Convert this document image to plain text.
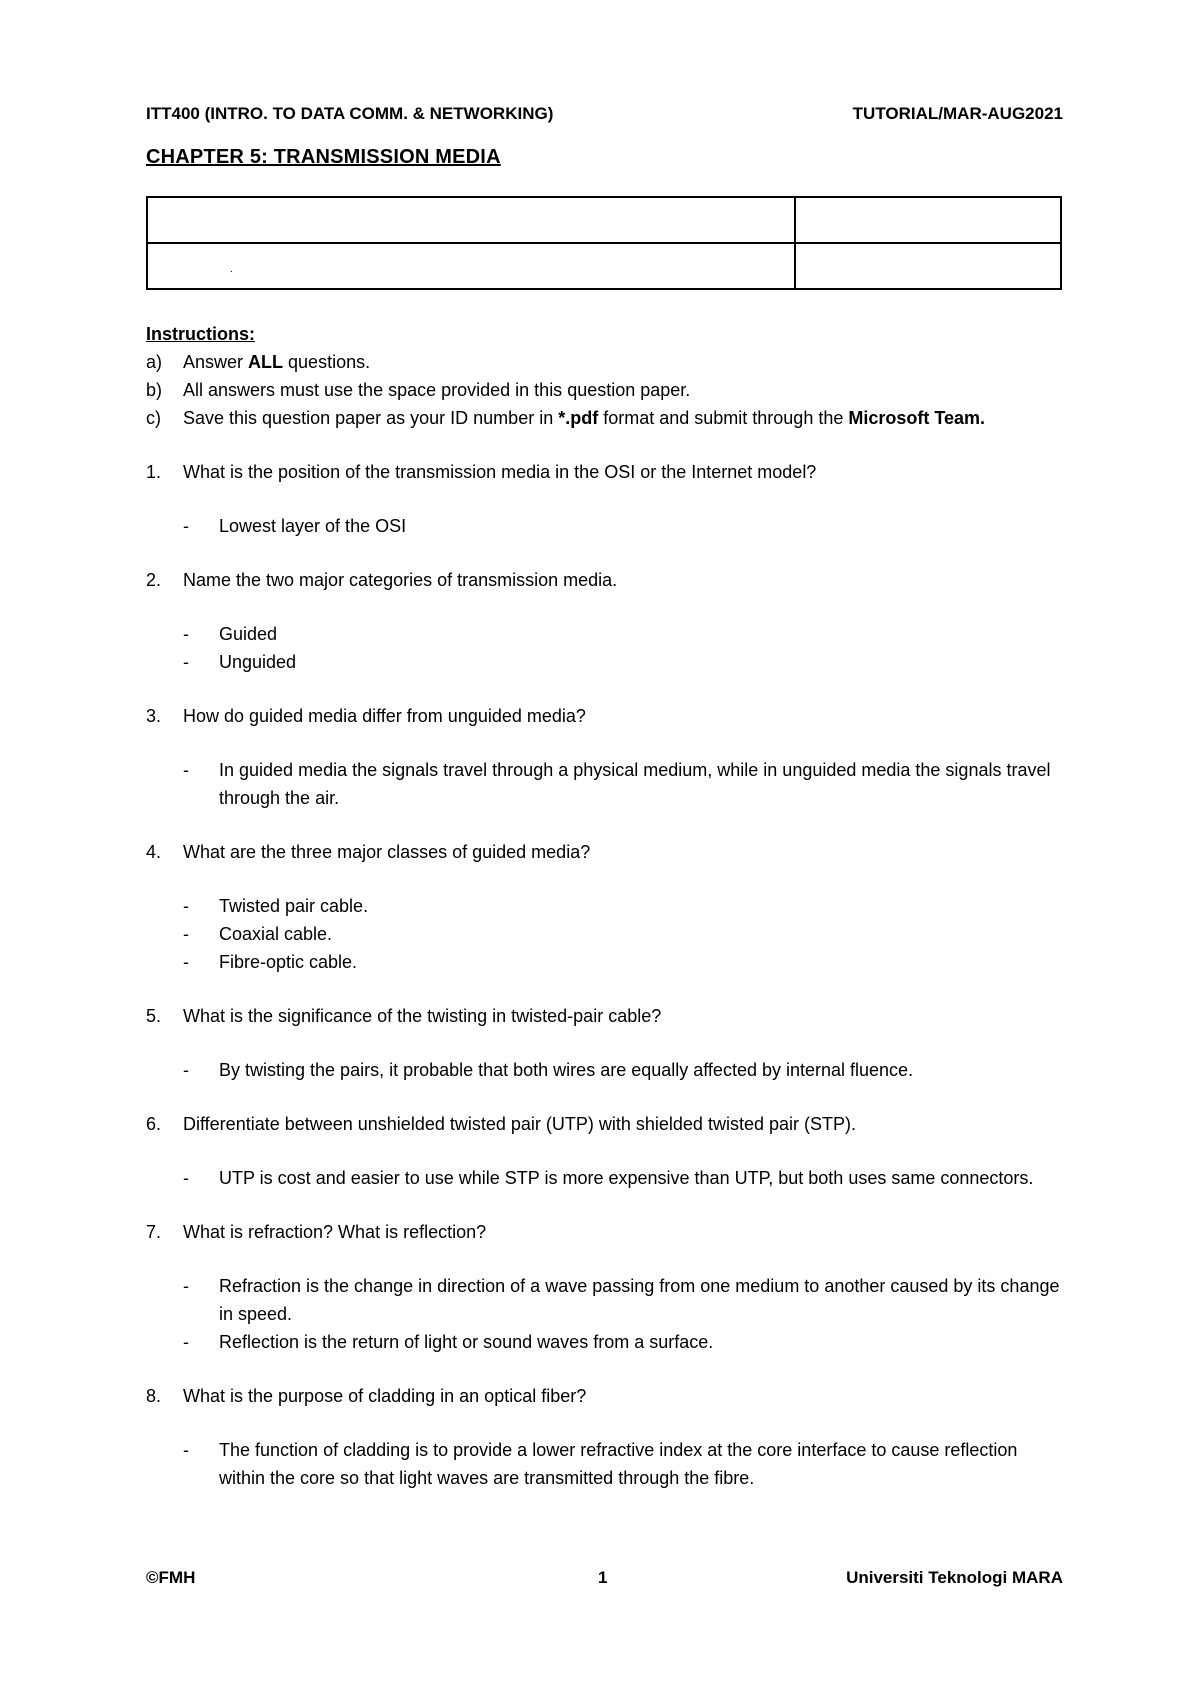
ITT400 (INTRO. TO DATA COMM. & NETWORKING)	TUTORIAL/MAR-AUG2021
CHAPTER 5: TRANSMISSION MEDIA

.	
Instructions:
a) Answer ALL questions.
b) All answers must use the space provided in this question paper.
c) Save this question paper as your ID number in *.pdf format and submit through the Microsoft Team.
1. What is the position of the transmission media in the OSI or the Internet model?
- Lowest layer of the OSI
2. Name the two major categories of transmission media.
- Guided
- Unguided
3. How do guided media differ from unguided media?
- In guided media the signals travel through a physical medium, while in unguided media the signals travel through the air.
4. What are the three major classes of guided media?
- Twisted pair cable.
- Coaxial cable.
- Fibre-optic cable.
5. What is the significance of the twisting in twisted-pair cable?
- By twisting the pairs, it probable that both wires are equally affected by internal fluence.
6. Differentiate between unshielded twisted pair (UTP) with shielded twisted pair (STP).
- UTP is cost and easier to use while STP is more expensive than UTP, but both uses same connectors.
7. What is refraction? What is reflection?
- Refraction is the change in direction of a wave passing from one medium to another caused by its change in speed.
- Reflection is the return of light or sound waves from a surface.
8. What is the purpose of cladding in an optical fiber?
- The function of cladding is to provide a lower refractive index at the core interface to cause reflection within the core so that light waves are transmitted through the fibre.
©FMH	1	Universiti Teknologi MARA
